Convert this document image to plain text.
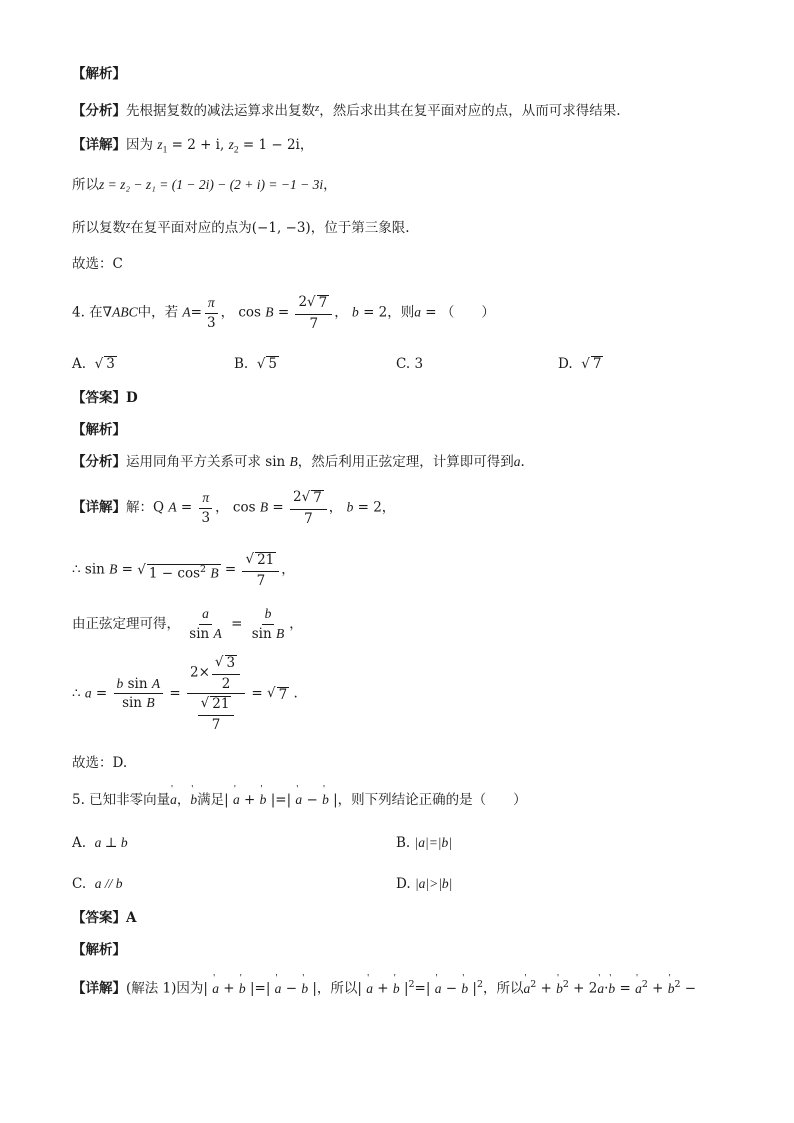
【解析】
【分析】先根据复数的减法运算求出复数$^z$，然后求出其在复平面对应的点，从而可求得结果.
【详解】因为 $z_1 = 2 + i$, $z_2 = 1 - 2i$，
所以z = z₂ − z₁ = (1 − 2i) − (2 + i) = −1 − 3i，
所以复数$^z$在复平面对应的点为(−1, −3)，位于第三象限.
故选：C
4. 在∇ABC中，若 $A= \frac{\pi}{3}$ ， $\cos B = \frac{2 √ 7}{7}$ ， b = 2，则a = （　　）
A. √ 3	B. √ 5	C. 3	D. √ 7
【答案】D
【解析】
【分析】运用同角平方关系可求 sin B，然后利用正弦定理，计算即可得到a.
【详解】解：Q $A = \frac{\pi}{3}$ ， $\cos B = \frac{2 √ 7}{7}$ ， b = 2，
∴ sin B = √ $1 - \cos^2 B = \frac{√ 21}{7}$ ，
由正弦定理可得， $\frac{a}{\text{sin A}} = \frac{b}{\text{sin B}}$ ，
∴ $a = \frac{\text{b sin A}}{\text{sin B}} = \frac{2\times \frac{√ 3}{2}}{\frac{√ 21}{7}}$ = √ 7 .
故选：D.
5. 已知非零向量' a，' b满足| ' a + ' b |=| ' a − ' b |，则下列结论正确的是（　　）
A. a ⊥ b	B. |a|=|b|
C. a // b	D. |a|>|b|
【答案】A
【解析】
【详解】(解法 1)因为| ' a + ' b |=| ' a − ' b |，所以| ' a + ' b $|^2=|$ ' a − ' b $|^2$，所以' $a^2$ + ' $b^2 + 2'$ a·' b = ' $a^2$ + ' $b^2$ −
